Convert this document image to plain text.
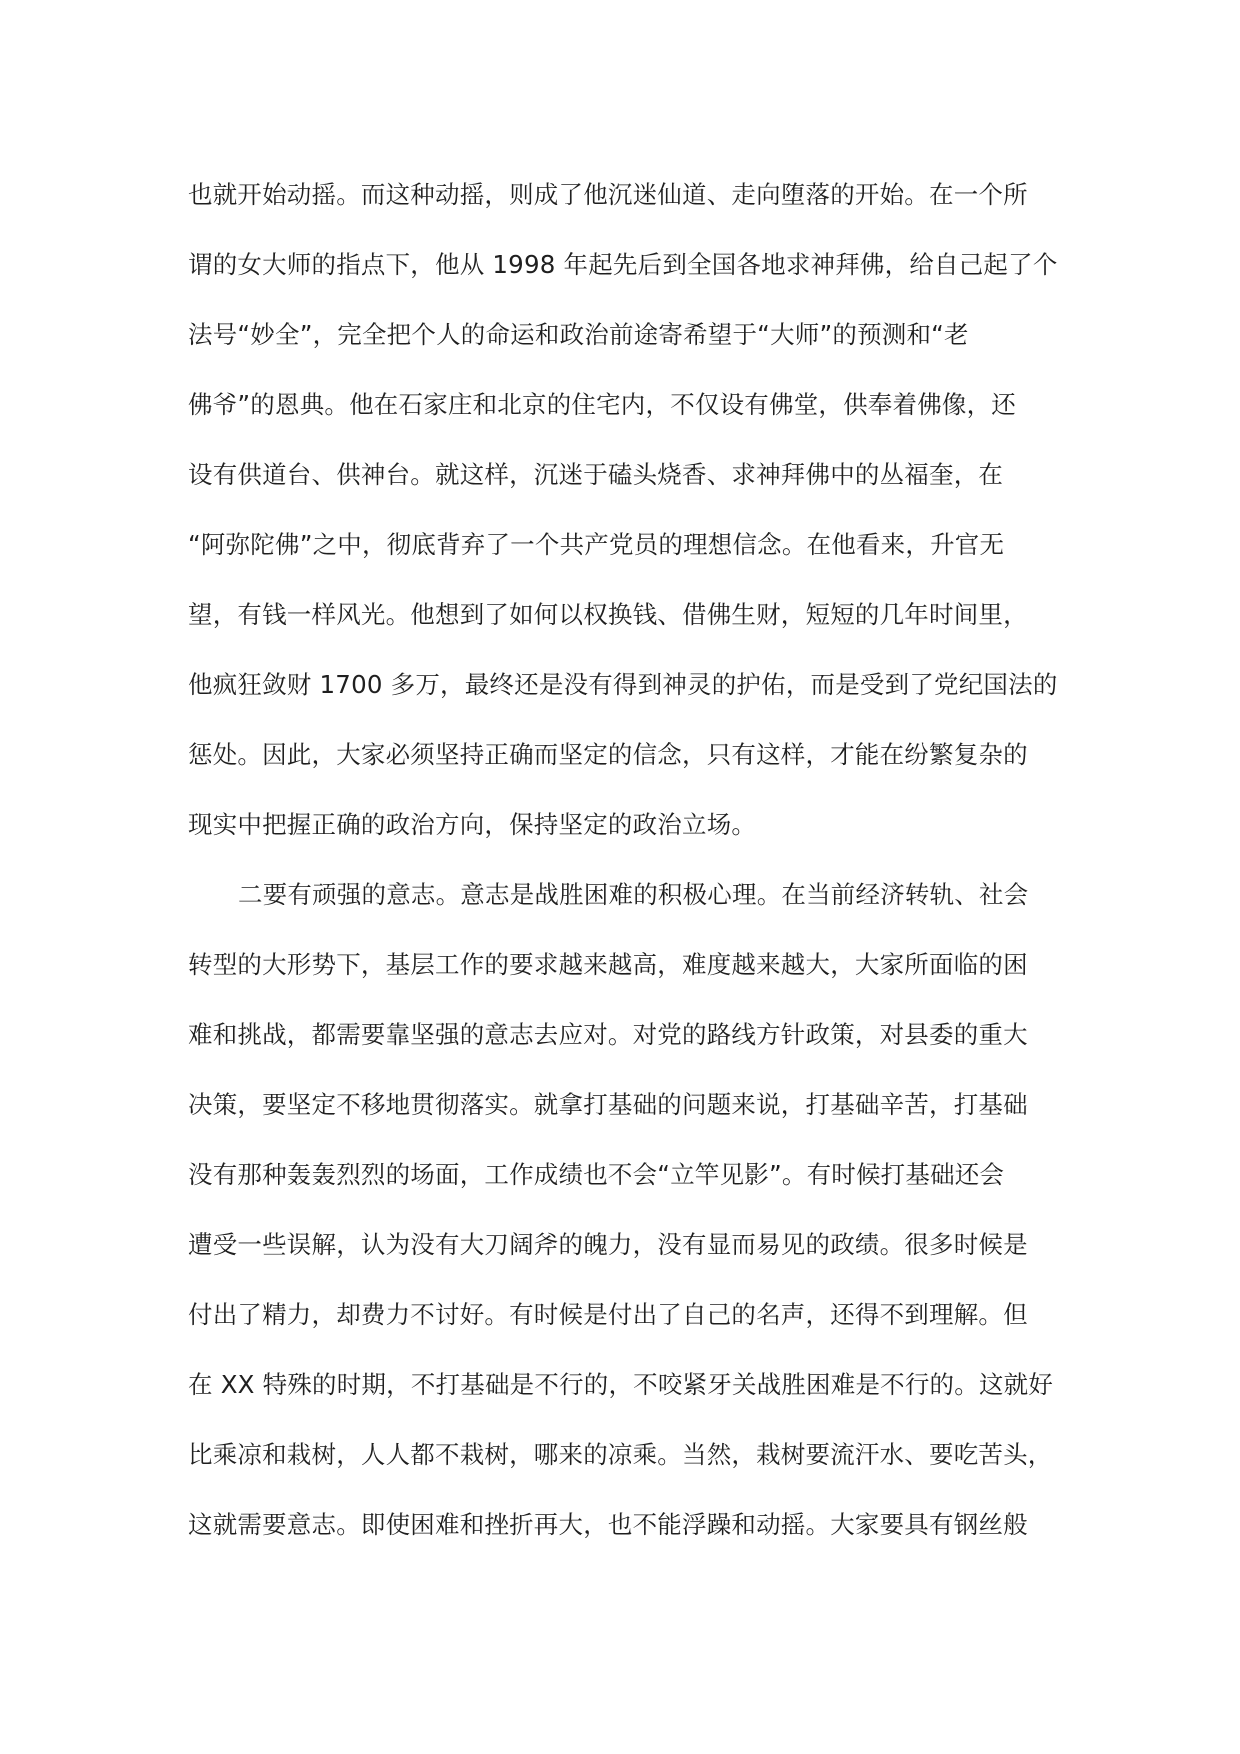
也就开始动摇。而这种动摇，则成了他沉迷仙道、走向堕落的开始。在一个所
谓的女大师的指点下，他从 1998 年起先后到全国各地求神拜佛，给自己起了个
法号“妙全”，完全把个人的命运和政治前途寄希望于“大师”的预测和“老
佛爷”的恩典。他在石家庄和北京的住宅内，不仅设有佛堂，供奉着佛像，还
设有供道台、供神台。就这样，沉迷于磕头烧香、求神拜佛中的丛福奎，在
“阿弥陀佛”之中，彻底背弃了一个共产党员的理想信念。在他看来，升官无
望，有钱一样风光。他想到了如何以权换钱、借佛生财，短短的几年时间里，
他疯狂敛财 1700 多万，最终还是没有得到神灵的护佑，而是受到了党纪国法的
惩处。因此，大家必须坚持正确而坚定的信念，只有这样，才能在纷繁复杂的
现实中把握正确的政治方向，保持坚定的政治立场。
二要有顽强的意志。意志是战胜困难的积极心理。在当前经济转轨、社会
转型的大形势下，基层工作的要求越来越高，难度越来越大，大家所面临的困
难和挑战，都需要靠坚强的意志去应对。对党的路线方针政策，对县委的重大
决策，要坚定不移地贯彻落实。就拿打基础的问题来说，打基础辛苦，打基础
没有那种轰轰烈烈的场面，工作成绩也不会“立竿见影”。有时候打基础还会
遭受一些误解，认为没有大刀阔斧的魄力，没有显而易见的政绩。很多时候是
付出了精力，却费力不讨好。有时候是付出了自己的名声，还得不到理解。但
在 XX 特殊的时期，不打基础是不行的，不咬紧牙关战胜困难是不行的。这就好
比乘凉和栽树，人人都不栽树，哪来的凉乘。当然，栽树要流汗水、要吃苦头，
这就需要意志。即使困难和挫折再大，也不能浮躁和动摇。大家要具有钢丝般
